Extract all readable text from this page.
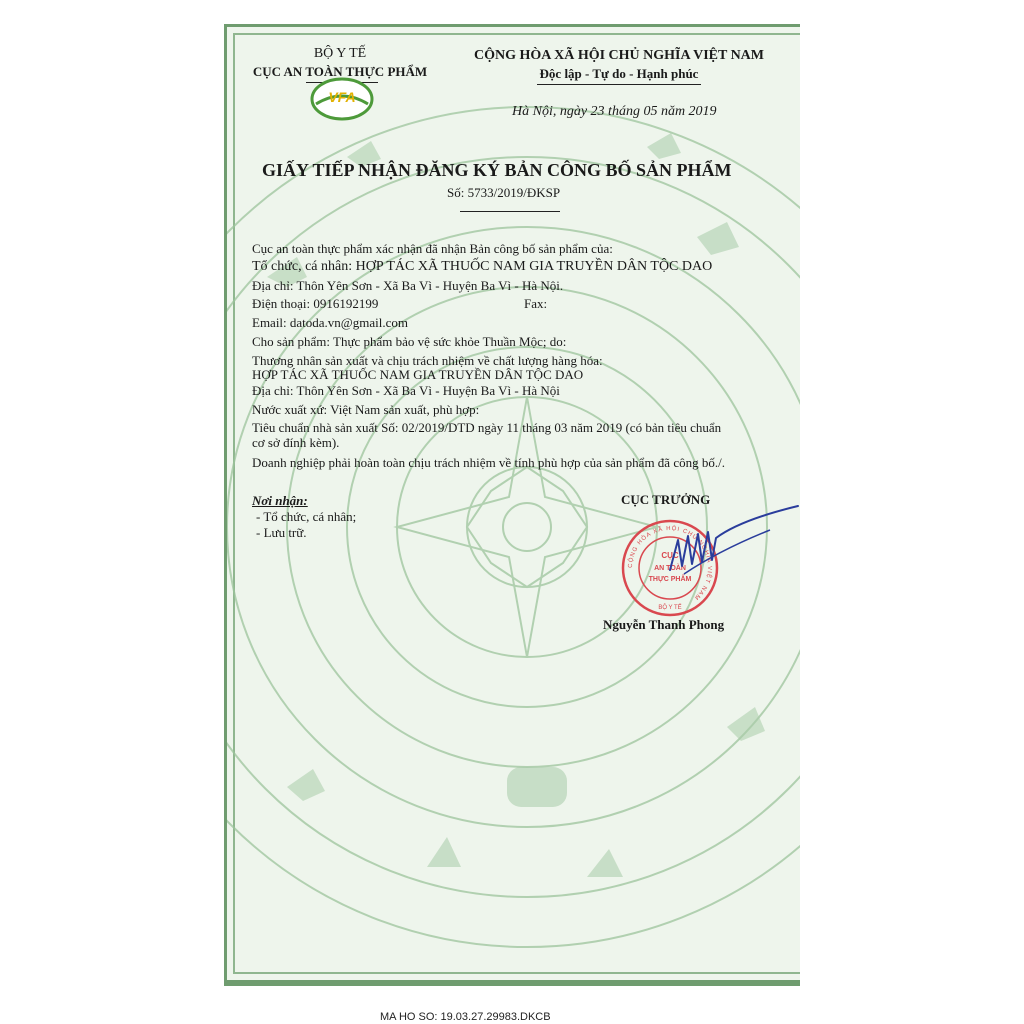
BỘ Y TẾ
CỤC AN TOÀN THỰC PHẨM
VFA
CỘNG HÒA XÃ HỘI CHỦ NGHĨA VIỆT NAM
Độc lập - Tự do - Hạnh phúc
Hà Nội, ngày 23 tháng 05 năm 2019
GIẤY TIẾP NHẬN ĐĂNG KÝ BẢN CÔNG BỐ SẢN PHẨM
Số: 5733/2019/ĐKSP
Cục an toàn thực phẩm xác nhận đã nhận Bản công bố sản phẩm của:
Tổ chức, cá nhân: HỢP TÁC XÃ THUỐC NAM GIA TRUYỀN DÂN TỘC DAO
Địa chỉ: Thôn Yên Sơn - Xã Ba Vì - Huyện Ba Vì - Hà Nội.
Điện thoại: 0916192199	Fax:
Email: datoda.vn@gmail.com
Cho sản phẩm: Thực phẩm bảo vệ sức khỏe Thuần Mộc; do:
Thương nhân sản xuất và chịu trách nhiệm về chất lượng hàng hóa:
HỢP TÁC XÃ THUỐC NAM GIA TRUYỀN DÂN TỘC DAO
Địa chỉ: Thôn Yên Sơn - Xã Ba Vì - Huyện Ba Vì - Hà Nội
Nước xuất xứ: Việt Nam sản xuất, phù hợp:
Tiêu chuẩn nhà sản xuất Số: 02/2019/DTD ngày 11 tháng 03 năm 2019 (có bản tiêu chuẩn
cơ sở đính kèm).
Doanh nghiệp phải hoàn toàn chịu trách nhiệm về tính phù hợp của sản phẩm đã công bố./.
Nơi nhận:
- Tổ chức, cá nhân;
- Lưu trữ.
CỤC TRƯỞNG
CỘNG HÒA XÃ HỘI CHỦ NGHĨA VIỆT NAM
CỤC
AN TOÀN
THỰC PHẨM
BỘ Y TẾ
Nguyễn Thanh Phong
MA HO SO: 19.03.27.29983.DKCB
